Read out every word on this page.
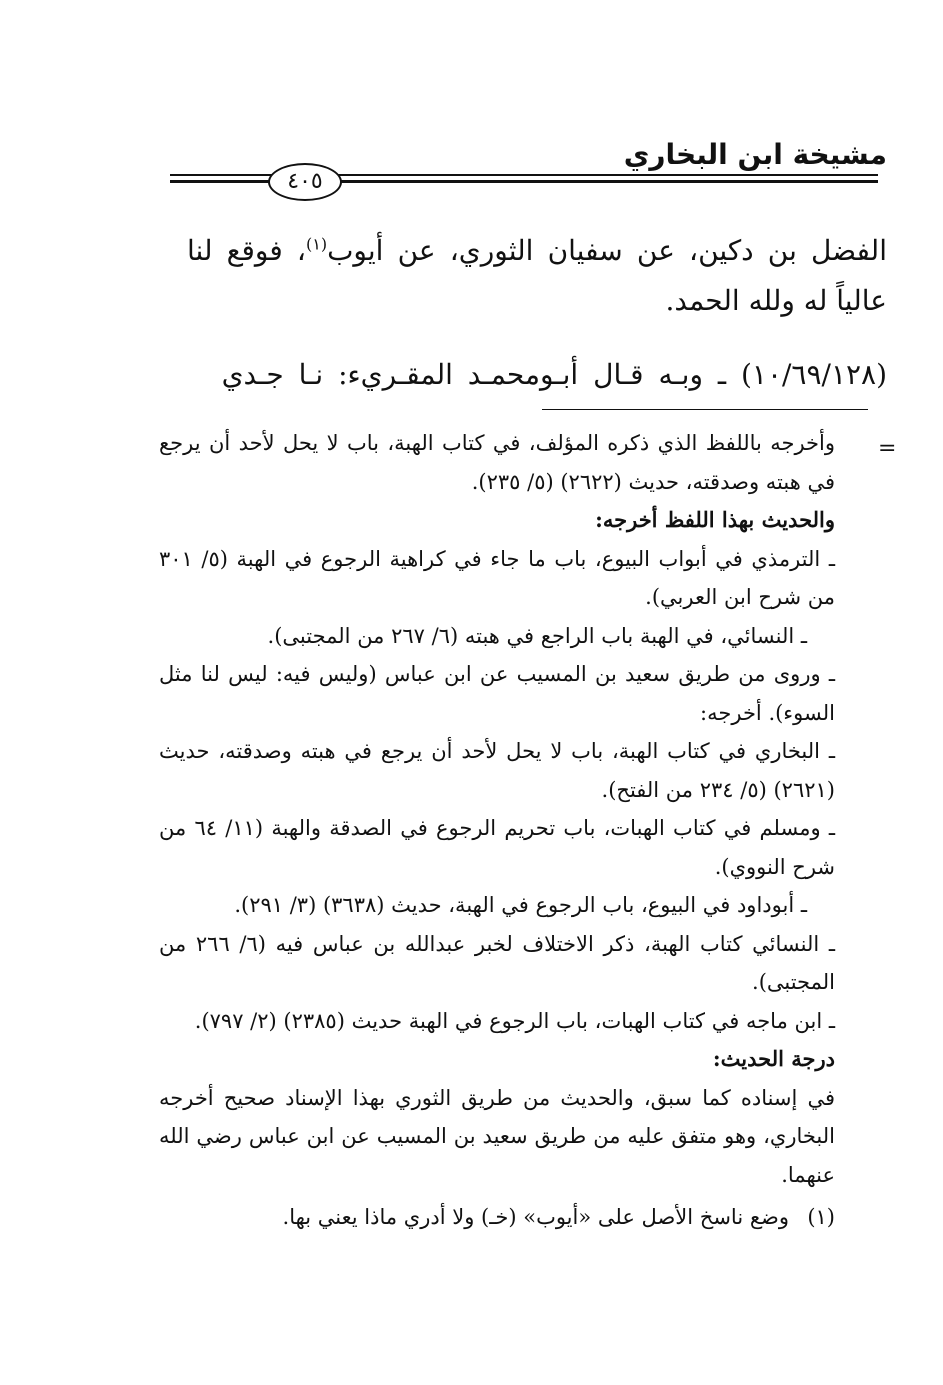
مشيخة ابن البخاري
٤٠٥
الفضل بن دكين، عن سفيان الثوري، عن أيوب$^{(١)}$، فوقع لنا عالياً له ولله الحمد.
(١٠/٦٩/١٢٨) ـ وبـه قـال أبـومحمـد المقـريء: نـا جـدي
=

وأخرجه باللفظ الذي ذكره المؤلف، في كتاب الهبة، باب لا يحل لأحد أن يرجع في هبته وصدقته، حديث (٢٦٢٢) (٥/ ٢٣٥).

والحديث بهذا اللفظ أخرجه:

ـ الترمذي في أبواب البيوع، باب ما جاء في كراهية الرجوع في الهبة (٥/ ٣٠١ من شرح ابن العربي).

ـ النسائي، في الهبة باب الراجع في هبته (٦/ ٢٦٧ من المجتبى).

ـ وروى من طريق سعيد بن المسيب عن ابن عباس (وليس فيه: ليس لنا مثل السوء). أخرجه:

ـ البخاري في كتاب الهبة، باب لا يحل لأحد أن يرجع في هبته وصدقته، حديث (٢٦٢١) (٥/ ٢٣٤ من الفتح).

ـ ومسلم في كتاب الهبات، باب تحريم الرجوع في الصدقة والهبة (١١/ ٦٤ من شرح النووي).

ـ أبوداود في البيوع، باب الرجوع في الهبة، حديث (٣٦٣٨) (٣/ ٢٩١).

ـ النسائي كتاب الهبة، ذكر الاختلاف لخبر عبدالله بن عباس فيه (٦/ ٢٦٦ من المجتبى).

ـ ابن ماجه في كتاب الهبات، باب الرجوع في الهبة حديث (٢٣٨٥) (٢/ ٧٩٧).

درجة الحديث:

في إسناده كما سبق، والحديث من طريق الثوري بهذا الإسناد صحيح أخرجه البخاري، وهو متفق عليه من طريق سعيد بن المسيب عن ابن عباس رضي الله عنهما.

(١)وضع ناسخ الأصل على «أيوب» (خـ) ولا أدري ماذا يعني بها.
